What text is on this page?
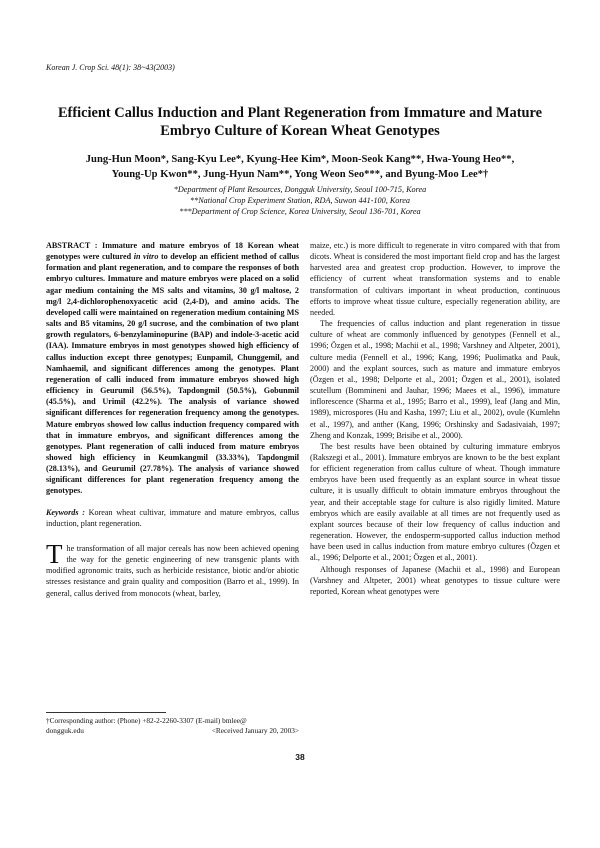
Korean J. Crop Sci. 48(1): 38~43(2003)
Efficient Callus Induction and Plant Regeneration from Immature and Mature
Embryo Culture of Korean Wheat Genotypes
Jung-Hun Moon*, Sang-Kyu Lee*, Kyung-Hee Kim*, Moon-Seok Kang**, Hwa-Young Heo**,
Young-Up Kwon**, Jung-Hyun Nam**, Yong Weon Seo***, and Byung-Moo Lee*†
*Department of Plant Resources, Dongguk University, Seoul 100-715, Korea
**National Crop Experiment Station, RDA, Suwon 441-100, Korea
***Department of Crop Science, Korea University, Seoul 136-701, Korea

ABSTRACT : Immature and mature embryos of 18 Korean wheat genotypes were cultured in vitro to develop an efficient method of callus formation and plant regeneration, and to compare the responses of both embryo cultures. Immature and mature embryos were placed on a solid agar medium containing the MS salts and vitamins, 30 g/l maltose, 2 mg/l 2,4-dichlorophenoxyacetic acid (2,4-D), and amino acids. The developed calli were maintained on regeneration medium containing MS salts and B5 vitamins, 20 g/l sucrose, and the combination of two plant growth regulators, 6-benzylaminopurine (BAP) and indole-3-acetic acid (IAA). Immature embryos in most genotypes showed high efficiency of callus induction except three genotypes; Eunpamil, Chunggemil, and Namhaemil, and significant differences among the genotypes. Plant regeneration of calli induced from immature embryos showed high efficiency in Geurumil (56.5%), Tapdongmil (50.5%), Gobunmil (45.5%), and Urimil (42.2%). The analysis of variance showed significant differences for regeneration frequency among the genotypes. Mature embryos showed low callus induction frequency compared with that in immature embryos, and significant differences among the genotypes. Plant regeneration of calli induced from mature embryos showed high efficiency in Keumkangmil (33.33%), Tapdongmil (28.13%), and Geurumil (27.78%). The analysis of variance showed significant differences for plant regeneration frequency among the genotypes.

Keywords : Korean wheat cultivar, immature and mature embryos, callus induction, plant regeneration.

T he transformation of all major cereals has now been achieved opening the way for the genetic engineering of new transgenic plants with modified agronomic traits, such as herbicide resistance, biotic and/or abiotic stresses resistance and grain quality and composition (Barro et al., 1999). In general, callus derived from monocots (wheat, barley,

†Corresponding author: (Phone) +82-2-2260-3307 (E-mail) bmlee@
dongguk.edu	<Received January 20, 2003>

maize, etc.) is more difficult to regenerate in vitro compared with that from dicots. Wheat is considered the most important field crop and has the largest harvested area and greatest crop production. However, to improve the efficiency of current wheat transformation systems and to enable transformation of cultivars important in wheat production, continuous efforts to improve wheat tissue culture, especially regeneration ability, are needed.

The frequencies of callus induction and plant regeneration in tissue culture of wheat are commonly influenced by genotypes (Fennell et al., 1996; Özgen et al., 1998; Machii et al., 1998; Varshney and Altpeter, 2001), culture media (Fennell et al., 1996; Kang, 1996; Puolimatka and Pauk, 2000) and the explant sources, such as mature and immature embryos (Özgen et al., 1998; Delporte et al., 2001; Özgen et al., 2001), isolated scutellum (Bommineni and Jauhar, 1996; Maees et al., 1996), immature inflorescence (Sharma et al., 1995; Barro et al., 1999), leaf (Jang and Min, 1989), microspores (Hu and Kasha, 1997; Liu et al., 2002), ovule (Kumlehn et al., 1997), and anther (Kang, 1996; Orshinsky and Sadasivaiah, 1997; Zheng and Konzak, 1999; Brisibe et al., 2000).

The best results have been obtained by culturing immature embryos (Rakszegi et al., 2001). Immature embryos are known to be the best explant for efficient regeneration from callus culture of wheat. Though immature embryos have been used frequently as an explant source in wheat tissue culture, it is usually difficult to obtain immature embryos throughout the year, and their acceptable stage for culture is also rigidly limited. Mature embryos which are easily available at all times are not frequently used as explant sources because of their low frequency of callus induction and regeneration. However, the endosperm-supported callus induction method have been used in callus induction from mature embryo cultures (Özgen et al., 1996; Delporte et al., 2001; Özgen et al., 2001).

Although responses of Japanese (Machii et al., 1998) and European (Varshney and Altpeter, 2001) wheat genotypes to tissue culture were reported, Korean wheat genotypes were

38
